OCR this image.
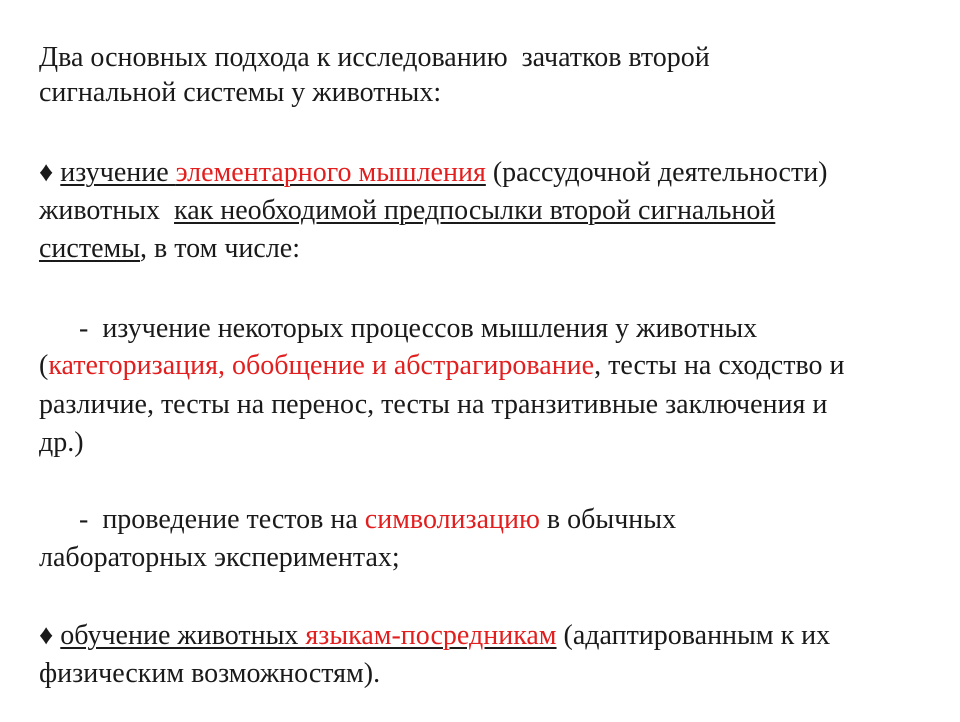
Два основных подхода к исследованию  зачатков второй

сигнальной системы у животных:

♦ изучение элементарного мышления (рассудочной деятельности)

животных  как необходимой предпосылки второй сигнальной

системы, в том числе:

-  изучение некоторых процессов мышления у животных

(категоризация, обобщение и абстрагирование, тесты на сходство и

различие, тесты на перенос, тесты на транзитивные заключения и

др.)

-  проведение тестов на символизацию в обычных

лабораторных экспериментах;

♦ обучение животных языкам-посредникам (адаптированным к их

физическим возможностям).
